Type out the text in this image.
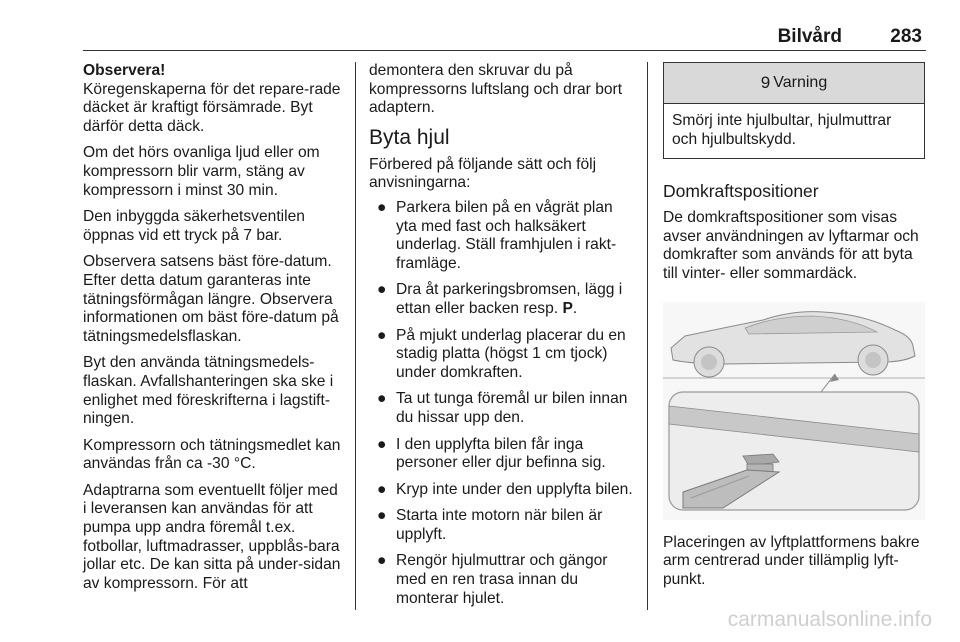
Bilvård	283
Observera!

Köregenskaperna för det repare-rade däcket är kraftigt försämrade. Byt därför detta däck.

Om det hörs ovanliga ljud eller om kompressorn blir varm, stäng av kompressorn i minst 30 min.

Den inbyggda säkerhetsventilen öppnas vid ett tryck på 7 bar.

Observera satsens bäst före-datum. Efter detta datum garanteras inte tätningsförmågan längre. Observera informationen om bäst före-datum på tätningsmedelsflaskan.

Byt den använda tätningsmedels-flaskan. Avfallshanteringen ska ske i enlighet med föreskrifterna i lagstift-ningen.

Kompressorn och tätningsmedlet kan användas från ca -30 °C.

Adaptrarna som eventuellt följer med i leveransen kan användas för att pumpa upp andra föremål t.ex. fotbollar, luftmadrasser, uppblås-bara jollar etc. De kan sitta på under-sidan av kompressorn. För att

demontera den skruvar du på kompressorns luftslang och drar bort adaptern.

Byta hjul

Förbered på följande sätt och följ anvisningarna:

● Parkera bilen på en vågrät plan yta med fast och halksäkert underlag. Ställ framhjulen i rakt-framläge.
● Dra åt parkeringsbromsen, lägg i ettan eller backen resp. P.
● På mjukt underlag placerar du en stadig platta (högst 1 cm tjock) under domkraften.
● Ta ut tunga föremål ur bilen innan du hissar upp den.
● I den upplyfta bilen får inga personer eller djur befinna sig.
● Kryp inte under den upplyfta bilen.
● Starta inte motorn när bilen är upplyft.
● Rengör hjulmuttrar och gängor med en ren trasa innan du monterar hjulet.
9 Varning
Smörj inte hjulbultar, hjulmuttrar och hjulbultskydd.
Domkraftspositioner

De domkraftspositioner som visas avser användningen av lyftarmar och domkrafter som används för att byta till vinter- eller sommardäck.

Placeringen av lyftplattformens bakre arm centrerad under tillämplig lyft-punkt.

carmanualsonline.info
